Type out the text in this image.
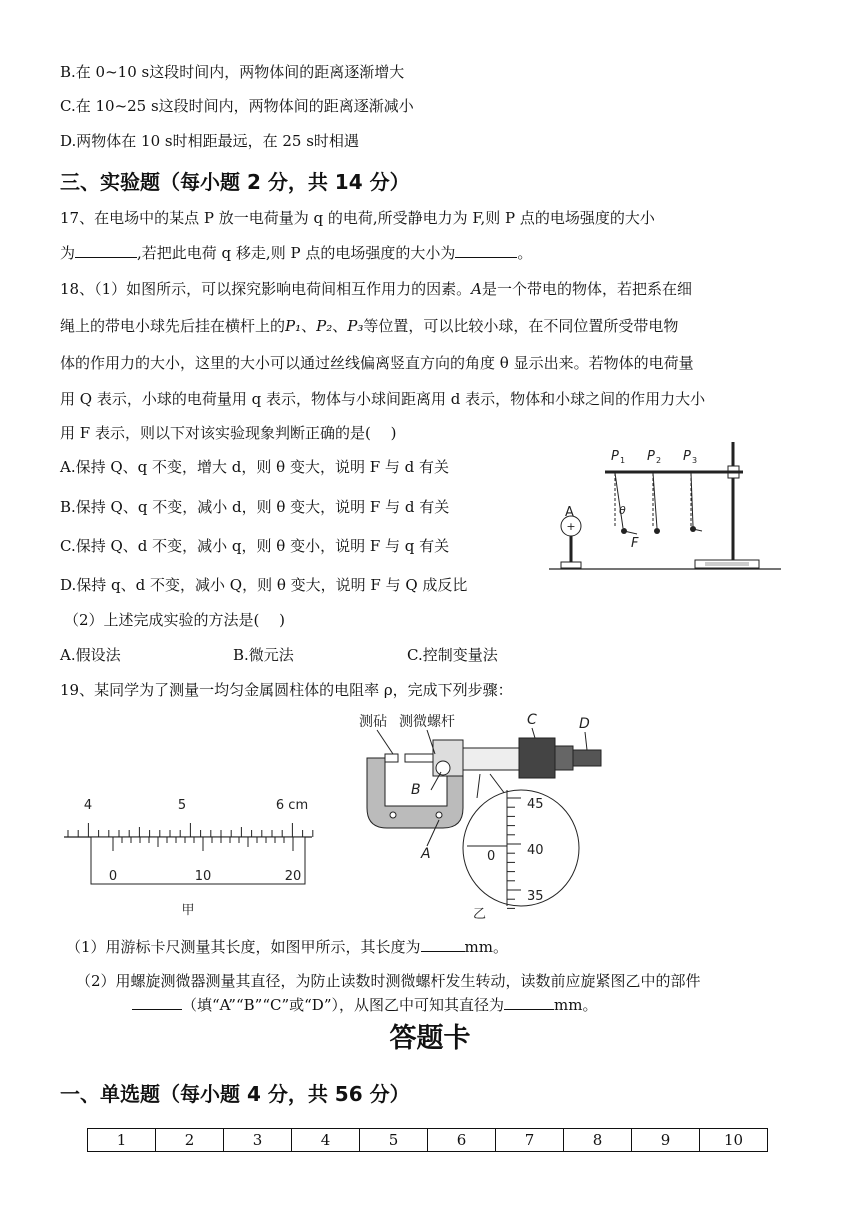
B.在 0~10 s这段时间内，两物体间的距离逐渐增大
C.在 10~25 s这段时间内，两物体间的距离逐渐减小
D.两物体在 10 s时相距最远，在 25 s时相遇
三、实验题（每小题 2 分，共 14 分）
17、在电场中的某点 P 放一电荷量为 q 的电荷,所受静电力为 F,则 P 点的电场强度的大小
为	,若把此电荷 q 移走,则 P 点的电场强度的大小为	。
18、（1）如图所示，可以探究影响电荷间相互作用力的因素。A是一个带电的物体，若把系在细
绳上的带电小球先后挂在横杆上的P₁、P₂、P₃等位置，可以比较小球，在不同位置所受带电物
体的作用力的大小，这里的大小可以通过丝线偏离竖直方向的角度 θ 显示出来。若物体的电荷量
用 Q 表示，小球的电荷量用 q 表示，物体与小球间距离用 d 表示，物体和小球之间的作用力大小
用 F 表示，则以下对该实验现象判断正确的是(　 )
A.保持 Q、q 不变，增大 d，则 θ 变大，说明 F 与 d 有关
B.保持 Q、q 不变，减小 d，则 θ 变大，说明 F 与 d 有关
C.保持 Q、d 不变，减小 q，则 θ 变小，说明 F 与 q 有关
D.保持 q、d 不变，减小 Q，则 θ 变大，说明 F 与 Q 成反比
+
A	θ
F
P 1 P 2 P 3
（2）上述完成实验的方法是(　 )
A.假设法	B.微元法	C.控制变量法
19、某同学为了测量一均匀金属圆柱体的电阻率 ρ，完成下列步骤：
4	5	6 cm
0	10	20
甲
测砧 测微螺杆	C	D
B
A
45
40
35
0
乙
（1）用游标卡尺测量其长度，如图甲所示，其长度为	mm。
（2）用螺旋测微器测量其直径，为防止读数时测微螺杆发生转动，读数前应旋紧图乙中的部件
（填“A”“B”“C”或“D”），从图乙中可知其直径为	mm。
答题卡
一、单选题（每小题 4 分，共 56 分）
1	2	3	4	5	6	7	8	9	10
